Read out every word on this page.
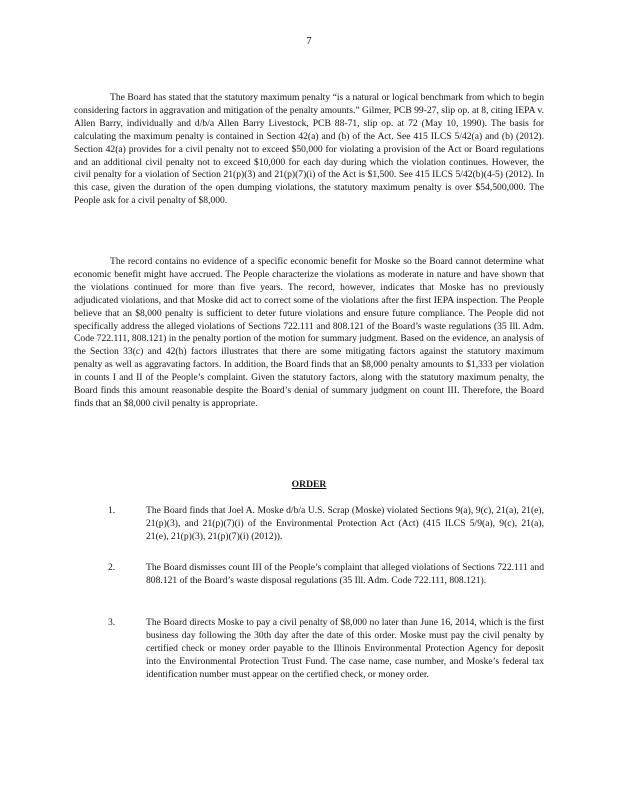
7

The Board has stated that the statutory maximum penalty “is a natural or logical benchmark from which to begin considering factors in aggravation and mitigation of the penalty amounts.” Gilmer, PCB 99-27, slip op. at 8, citing IEPA v. Allen Barry, individually and d/b/a Allen Barry Livestock, PCB 88-71, slip op. at 72 (May 10, 1990). The basis for calculating the maximum penalty is contained in Section 42(a) and (b) of the Act. See 415 ILCS 5/42(a) and (b) (2012). Section 42(a) provides for a civil penalty not to exceed $50,000 for violating a provision of the Act or Board regulations and an additional civil penalty not to exceed $10,000 for each day during which the violation continues. However, the civil penalty for a violation of Section 21(p)(3) and 21(p)(7)(i) of the Act is $1,500. See 415 ILCS 5/42(b)(4-5) (2012). In this case, given the duration of the open dumping violations, the statutory maximum penalty is over $54,500,000. The People ask for a civil penalty of $8,000.

The record contains no evidence of a specific economic benefit for Moske so the Board cannot determine what economic benefit might have accrued. The People characterize the violations as moderate in nature and have shown that the violations continued for more than five years. The record, however, indicates that Moske has no previously adjudicated violations, and that Moske did act to correct some of the violations after the first IEPA inspection. The People believe that an $8,000 penalty is sufficient to deter future violations and ensure future compliance. The People did not specifically address the alleged violations of Sections 722.111 and 808.121 of the Board’s waste regulations (35 Ill. Adm. Code 722.111, 808.121) in the penalty portion of the motion for summary judgment. Based on the evidence, an analysis of the Section 33(c) and 42(h) factors illustrates that there are some mitigating factors against the statutory maximum penalty as well as aggravating factors. In addition, the Board finds that an $8,000 penalty amounts to $1,333 per violation in counts I and II of the People’s complaint. Given the statutory factors, along with the statutory maximum penalty, the Board finds this amount reasonable despite the Board’s denial of summary judgment on count III. Therefore, the Board finds that an $8,000 civil penalty is appropriate.

ORDER
1.	The Board finds that Joel A. Moske d/b/a U.S. Scrap (Moske) violated Sections 9(a), 9(c), 21(a), 21(e), 21(p)(3), and 21(p)(7)(i) of the Environmental Protection Act (Act) (415 ILCS 5/9(a), 9(c), 21(a), 21(e), 21(p)(3), 21(p)(7)(i) (2012)).
2.	The Board dismisses count III of the People’s complaint that alleged violations of Sections 722.111 and 808.121 of the Board’s waste disposal regulations (35 Ill. Adm. Code 722.111, 808.121).
3.	The Board directs Moske to pay a civil penalty of $8,000 no later than June 16, 2014, which is the first business day following the 30th day after the date of this order. Moske must pay the civil penalty by certified check or money order payable to the Illinois Environmental Protection Agency for deposit into the Environmental Protection Trust Fund. The case name, case number, and Moske’s federal tax identification number must appear on the certified check, or money order.
